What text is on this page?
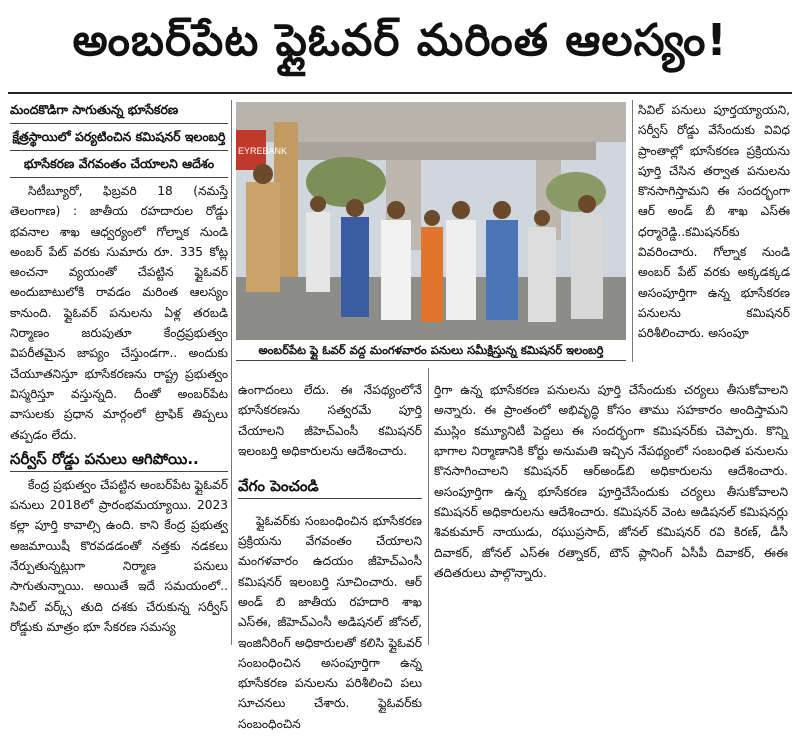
అంబర్‌పేట ఫ్లైఓవర్ మరింత ఆలస్యం!

మందకొడిగా సాగుతున్న భూసేకరణ

క్షేత్రస్థాయిలో పర్యటించిన కమిషనర్ ఇలంబర్తి

భూసేకరణ వేగవంతం చేయాలని ఆదేశం

సిటీబ్యూరో, ఫిబ్రవరి 18 (నమస్తే తెలంగాణ) : జాతీయ రహదారుల రోడ్డు భవనాల శాఖ ఆధ్వర్యంలో గోల్నాక నుండి అంబర్ పేట్ వరకు సుమారు రూ. 335 కోట్ల అంచనా వ్యయంతో చేపట్టిన ఫ్లైఓవర్ అందుబాటులోకి రావడం మరింత ఆలస్యం కానుంది. ఫ్లైఓవర్ పనులను ఏళ్ల తరబడి నిర్మాణం జరుపుతూ కేంద్రప్రభుత్వం విపరీతమైన జాప్యం చేస్తుండగా.. అందుకు చేయూతనిస్తూ భూసేకరణను రాష్ట్ర ప్రభుత్వం విస్మరిస్తూ వస్తున్నది. దీంతో అంబర్‌పేట వాసులకు ప్రధాన మార్గంలో ట్రాఫిక్ తిప్పలు తప్పడం లేదు.

సర్వీస్ రోడ్డు పనులు ఆగిపోయి..

కేంద్ర ప్రభుత్వం చేపట్టిన అంబర్‌పేట ఫ్లైఓవర్ పనులు 2018లో ప్రారంభమయ్యాయి. 2023 కల్లా పూర్తి కావాల్సి ఉంది. కాని కేంద్ర ప్రభుత్వ అజమాయిషీ కొరవడడంతో నత్తకు నడకలు నేర్పుతున్నట్లుగా నిర్మాణ పనులు సాగుతున్నాయి. అయితే ఇదే సమయంలో.. సివిల్ వర్క్స్ తుది దశకు చేరుకున్న సర్వీస్ రోడ్డుకు మాత్రం భూ సేకరణ సమస్య

EYREBANK
అంబర్‌పేట ఫ్లై ఓవర్ వద్ద మంగళవారం పనులు సమీక్షిస్తున్న కమిషనర్ ఇలంబర్తి

ఉంగాదంలు లేదు. ఈ నేపథ్యంలోనే భూసేకరణను సత్వరమే పూర్తి చేయాలని జీహెచ్ఎంసీ కమిషనర్ ఇలంబర్తి అధికారులను ఆదేశించారు.

వేగం పెంచండి

ఫ్లైఓవర్‌కు సంబంధించిన భూసేకరణ ప్రక్రియను వేగవంతం చేయాలని మంగళవారం ఉదయం జీహెచ్ఎంసీ కమిషనర్ ఇలంబర్తి సూచించారు. ఆర్ అండ్ బి జాతీయ రహదారి శాఖ ఎస్ఈ, జీహెచ్ఎంసీ అడిషనల్ జోనల్, ఇంజినీరింగ్ అధికారులతో కలిసి ఫ్లైఓవర్ సంబంధించిన అసంపూర్తిగా ఉన్న భూసేకరణ పనులను పరిశీలించి పలు సూచనలు చేశారు. ఫ్లైఓవర్‌కు సంబంధించిన

ర్తిగా ఉన్న భూసేకరణ పనులను పూర్తి చేసేందుకు చర్యలు తీసుకోవాలని అన్నారు. ఈ ప్రాంతంలో అభివృద్ధి కోసం తాము సహకారం అందిస్తామని ముస్లిం కమ్యూనిటీ పెద్దలు ఈ సందర్భంగా కమిషనర్‌కు చెప్పారు. కొన్ని భాగాల నిర్మాణానికి కోర్టు అనుమతి ఇచ్చిన నేపథ్యంలో సంబంధిత పనులను కొనసాగించాలని కమిషనర్ ఆర్అండ్‌బి అధికారులను ఆదేశించారు. అసంపూర్తిగా ఉన్న భూసేకరణ పూర్తిచేసేందుకు చర్యలు తీసుకోవాలని కమిషనర్ అధికారులను ఆదేశించారు. కమిషనర్ వెంట అడిషనల్ కమిషనర్లు శివకుమార్ నాయుడు, రఘుప్రసాద్, జోనల్ కమిషనర్ రవి కిరణ్, డీసీ దివాకర్, జోనల్ ఎస్ఈ రత్నాకర్, టౌన్ ప్లానింగ్ ఏసీపీ దివాకర్, ఈఈ తదితరులు పాల్గొన్నారు.

సివిల్ పనులు పూర్తయ్యాయని, సర్వీస్ రోడ్డు వేసేందుకు వివిధ ప్రాంతాల్లో భూసేకరణ ప్రక్రియను పూర్తి చేసిన తర్వాత పనులను కొనసాగిస్తామని ఈ సందర్భంగా ఆర్ అండ్ బీ శాఖ ఎస్ఈ ధర్మారెడ్డి..కమిషనర్‌కు వివరించారు. గోల్నాక నుండి అంబర్ పేట్ వరకు అక్కడక్కడ అసంపూర్తిగా ఉన్న భూసేకరణ పనులను కమిషనర్ పరిశీలించారు. అసంపూ
